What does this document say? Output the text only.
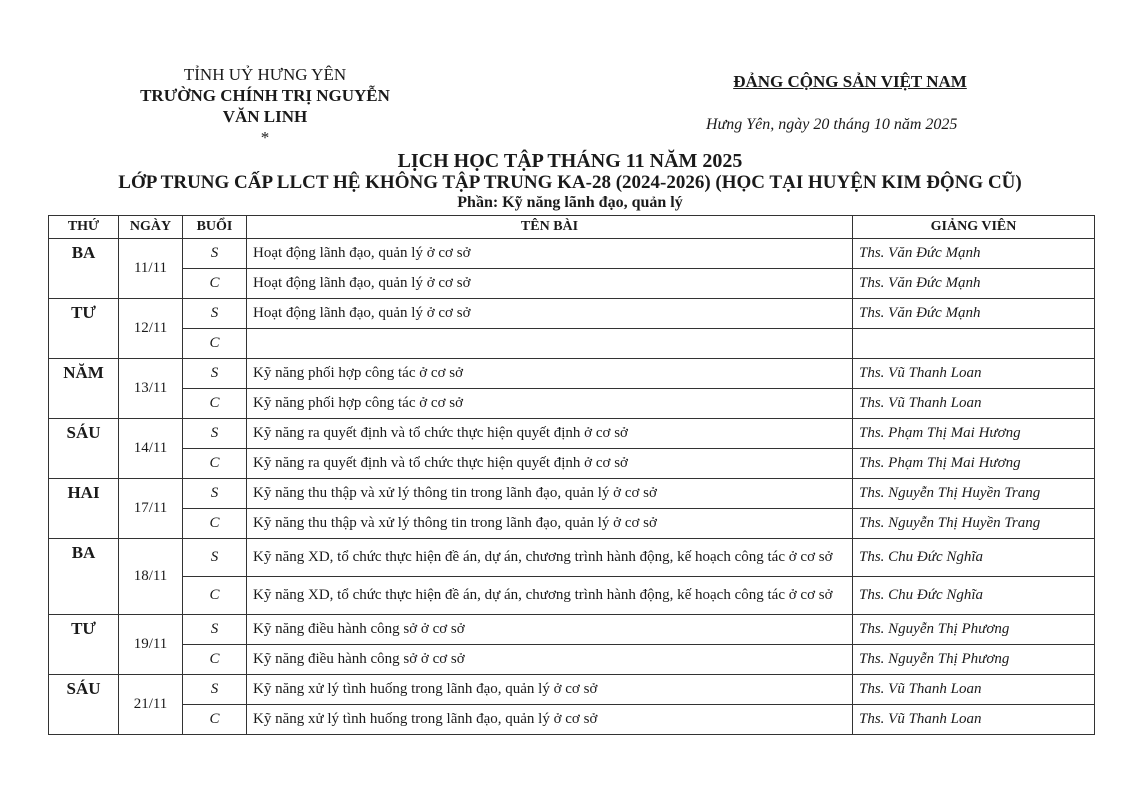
TỈNH UỶ HƯNG YÊN
TRƯỜNG CHÍNH TRỊ NGUYỄN VĂN LINH
*
ĐẢNG CỘNG SẢN VIỆT NAM
Hưng Yên, ngày 20 tháng 10 năm 2025
LỊCH HỌC TẬP THÁNG 11 NĂM 2025
LỚP TRUNG CẤP LLCT HỆ KHÔNG TẬP TRUNG KA-28 (2024-2026) (HỌC TẠI HUYỆN KIM ĐỘNG CŨ)
Phần: Kỹ năng lãnh đạo, quản lý
THỨ	NGÀY	BUỔI	TÊN BÀI	GIẢNG VIÊN
BA	11/11	S	Hoạt động lãnh đạo, quản lý ở cơ sở	Ths. Văn Đức Mạnh
		C	Hoạt động lãnh đạo, quản lý ở cơ sở	Ths. Văn Đức Mạnh
TƯ	12/11	S	Hoạt động lãnh đạo, quản lý ở cơ sở	Ths. Văn Đức Mạnh
		C		
NĂM	13/11	S	Kỹ năng phối hợp công tác ở cơ sở	Ths. Vũ Thanh Loan
		C	Kỹ năng phối hợp công tác ở cơ sở	Ths. Vũ Thanh Loan
SÁU	14/11	S	Kỹ năng ra quyết định và tổ chức thực hiện quyết định ở cơ sở	Ths. Phạm Thị Mai Hương
		C	Kỹ năng ra quyết định và tổ chức thực hiện quyết định ở cơ sở	Ths. Phạm Thị Mai Hương
HAI	17/11	S	Kỹ năng thu thập và xử lý thông tin trong lãnh đạo, quản lý ở cơ sở	Ths. Nguyễn Thị Huyền Trang
		C	Kỹ năng thu thập và xử lý thông tin trong lãnh đạo, quản lý ở cơ sở	Ths. Nguyễn Thị Huyền Trang
BA	18/11	S	Kỹ năng XD, tổ chức thực hiện đề án, dự án, chương trình hành động, kế hoạch công tác ở cơ sở	Ths. Chu Đức Nghĩa
		C	Kỹ năng XD, tổ chức thực hiện đề án, dự án, chương trình hành động, kế hoạch công tác ở cơ sở	Ths. Chu Đức Nghĩa
TƯ	19/11	S	Kỹ năng điều hành công sở ở cơ sở	Ths. Nguyễn Thị Phương
		C	Kỹ năng điều hành công sở ở cơ sở	Ths. Nguyễn Thị Phương
SÁU	21/11	S	Kỹ năng xử lý tình huống trong lãnh đạo, quản lý ở cơ sở	Ths. Vũ Thanh Loan
		C	Kỹ năng xử lý tình huống trong lãnh đạo, quản lý ở cơ sở	Ths. Vũ Thanh Loan
